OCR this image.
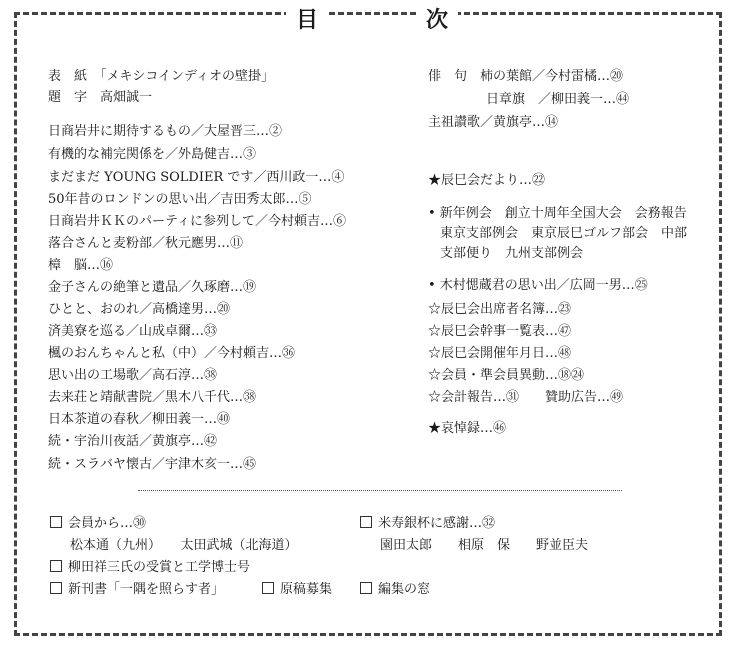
目	次
表　紙　「メキシコインディオの壁掛」
題　字　高畑誠一
日商岩井に期待するもの／大屋晋三…②
有機的な補完関係を／外島健吉…③
まだまだ YOUNG SOLDIER です／西川政一…④
50年昔のロンドンの思い出／吉田秀太郎…⑤
日商岩井ＫＫのパーティに参列して／今村頼吉…⑥
落合さんと麦粉部／秋元應男…⑪
樟　脳…⑯
金子さんの絶筆と遺品／久琢磨…⑲
ひとと、おのれ／高橋達男…⑳
済美寮を巡る／山成卓爾…㉝
楓のおんちゃんと私（中）／今村頼吉…㊱
思い出の工場歌／高石淳…㊳
去来荘と靖献書院／黒木八千代…㊳
日本茶道の春秋／柳田義一…㊵
続・宇治川夜話／黄旗亭…㊷
続・スラバヤ懐古／宇津木亥一…㊺
俳　句　柿の葉館／今村雷橘…⑳
日章旗　／柳田義一…㊹
主祖讃歌／黄旗亭…⑭
★辰巳会だより…㉒
• 新年例会　創立十周年全国大会　会務報告
東京支部例会　東京辰巳ゴルフ部会　中部
支部便り　九州支部例会
• 木村愢蔵君の思い出／広岡一男…㉕
☆辰巳会出席者名簿…㉓
☆辰巳会幹事一覧表…㊼
☆辰巳会開催年月日…㊽
☆会員・準会員異動…⑱㉔
☆会計報告…㉛　　贊助広告…㊾
★哀悼録…㊻
会員から…㉚
松本通（九州）　　太田武城（北海道）
米寿銀杯に感謝…㉜
園田太郎　　相原　保　　野並臣夫
柳田祥三氏の受賞と工学博士号
新刊書「一隅を照らす者」	原稿募集	編集の窓
